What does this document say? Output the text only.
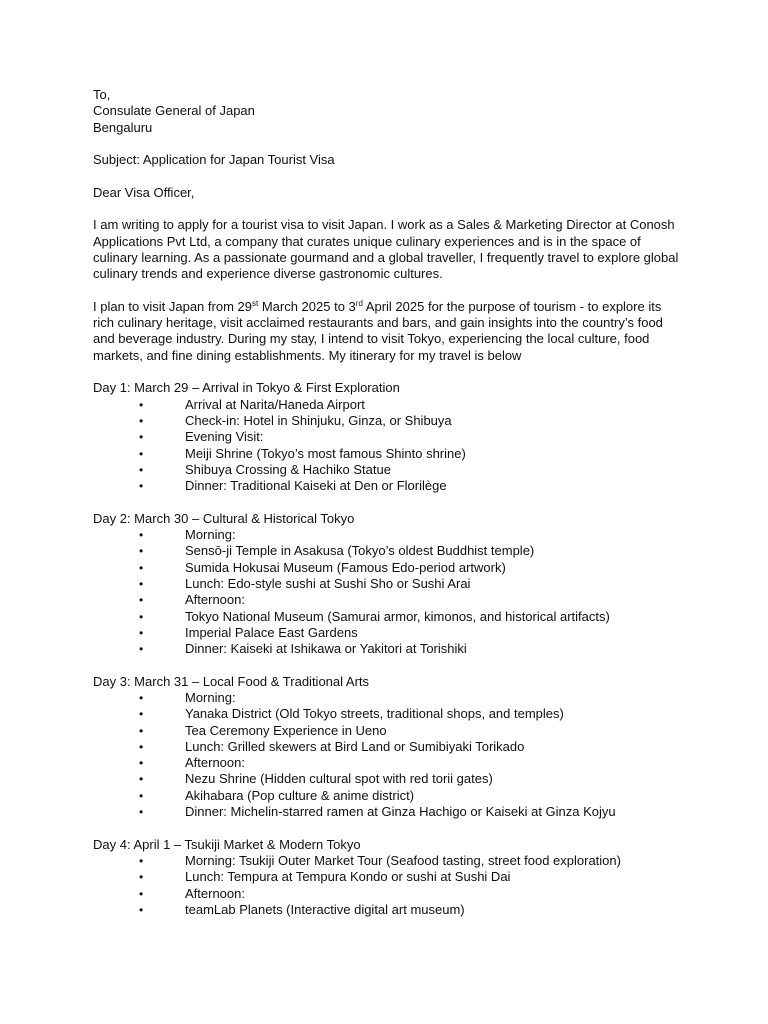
To,

Consulate General of Japan

Bengaluru

Subject: Application for Japan Tourist Visa

Dear Visa Officer,

I am writing to apply for a tourist visa to visit Japan. I work as a Sales & Marketing Director at Conosh Applications Pvt Ltd, a company that curates unique culinary experiences and is in the space of culinary learning. As a passionate gourmand and a global traveller, I frequently travel to explore global culinary trends and experience diverse gastronomic cultures.

I plan to visit Japan from 29st March 2025 to 3rd April 2025 for the purpose of tourism - to explore its rich culinary heritage, visit acclaimed restaurants and bars, and gain insights into the country’s food and beverage industry. During my stay, I intend to visit Tokyo, experiencing the local culture, food markets, and fine dining establishments. My itinerary for my travel is below

Day 1: March 29 – Arrival in Tokyo & First Exploration

•	Arrival at Narita/Haneda Airport
•	Check-in: Hotel in Shinjuku, Ginza, or Shibuya
•	Evening Visit:
•	Meiji Shrine (Tokyo’s most famous Shinto shrine)
•	Shibuya Crossing & Hachiko Statue
•	Dinner: Traditional Kaiseki at Den or Florilège

Day 2: March 30 – Cultural & Historical Tokyo

•	Morning:
•	Sensō-ji Temple in Asakusa (Tokyo’s oldest Buddhist temple)
•	Sumida Hokusai Museum (Famous Edo-period artwork)
•	Lunch: Edo-style sushi at Sushi Sho or Sushi Arai
•	Afternoon:
•	Tokyo National Museum (Samurai armor, kimonos, and historical artifacts)
•	Imperial Palace East Gardens
•	Dinner: Kaiseki at Ishikawa or Yakitori at Torishiki

Day 3: March 31 – Local Food & Traditional Arts

•	Morning:
•	Yanaka District (Old Tokyo streets, traditional shops, and temples)
•	Tea Ceremony Experience in Ueno
•	Lunch: Grilled skewers at Bird Land or Sumibiyaki Torikado
•	Afternoon:
•	Nezu Shrine (Hidden cultural spot with red torii gates)
•	Akihabara (Pop culture & anime district)
•	Dinner: Michelin-starred ramen at Ginza Hachigo or Kaiseki at Ginza Kojyu

Day 4: April 1 – Tsukiji Market & Modern Tokyo

•	Morning: Tsukiji Outer Market Tour (Seafood tasting, street food exploration)
•	Lunch: Tempura at Tempura Kondo or sushi at Sushi Dai
•	Afternoon:
•	teamLab Planets (Interactive digital art museum)
